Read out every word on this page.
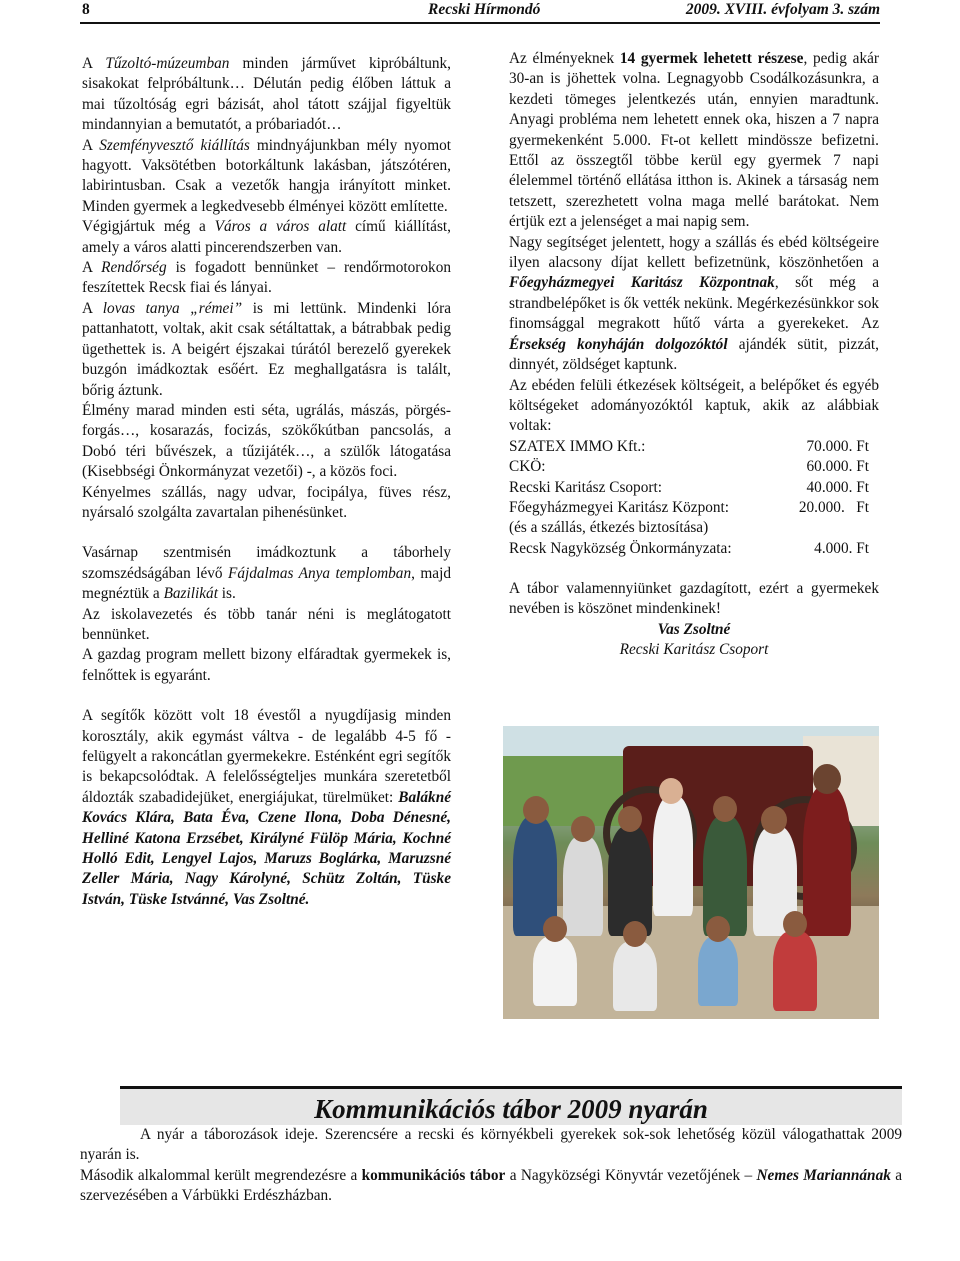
8	Recski Hírmondó	2009. XVIII. évfolyam 3. szám

A Tűzoltó-múzeumban minden járművet kipróbáltunk, sisakokat felpróbáltunk… Délután pedig élőben láttuk a mai tűzoltóság egri bázisát, ahol tátott szájjal figyeltük mindannyian a bemutatót, a próbariadót…

A Szemfényvesztő kiállítás mindnyájunkban mély nyomot hagyott. Vaksötétben botorkáltunk lakásban, játszótéren, labirintusban. Csak a vezetők hangja irányított minket. Minden gyermek a legkedvesebb élményei között említette.

Végigjártuk még a Város a város alatt című kiállítást, amely a város alatti pincerendszerben van.

A Rendőrség is fogadott bennünket – rendőrmotorokon feszítettek Recsk fiai és lányai.

A lovas tanya „rémei” is mi lettünk. Mindenki lóra pattanhatott, voltak, akit csak sétáltattak, a bátrabbak pedig ügethettek is. A beigért éjszakai túrától berezelő gyerekek buzgón imádkoztak esőért. Ez meghallgatásra is talált, bőrig áztunk.

Élmény marad minden esti séta, ugrálás, mászás, pörgés-forgás…, kosarazás, focizás, szökőkútban pancsolás, a Dobó téri bűvészek, a tűzijáték…, a szülők látogatása (Kisebbségi Önkormányzat vezetői) -, a közös foci.

Kényelmes szállás, nagy udvar, focipálya, füves rész, nyársaló szolgálta zavartalan pihenésünket.

Vasárnap szentmisén imádkoztunk a táborhely szomszédságában lévő Fájdalmas Anya templomban, majd megnéztük a Bazilikát is.

Az iskolavezetés és több tanár néni is meglátogatott bennünket.

A gazdag program mellett bizony elfáradtak gyermekek is, felnőttek is egyaránt.

A segítők között volt 18 évestől a nyugdíjasig minden korosztály, akik egymást váltva - de legalább 4-5 fő - felügyelt a rakoncátlan gyermekekre. Esténként egri segítők is bekapcsolódtak. A felelősségteljes munkára szeretetből áldozták szabadidejüket, energiájukat, türelmüket: Balákné Kovács Klára, Bata Éva, Czene Ilona, Doba Dénesné, Helliné Katona Erzsébet, Királyné Fülöp Mária, Kochné Holló Edit, Lengyel Lajos, Maruzs Boglárka, Maruzsné Zeller Mária, Nagy Károlyné, Schütz Zoltán, Tüske István, Tüske Istvánné, Vas Zsoltné.

Az élményeknek 14 gyermek lehetett részese, pedig akár 30-an is jöhettek volna. Legnagyobb Csodálkozásunkra, a kezdeti tömeges jelentkezés után, ennyien maradtunk. Anyagi probléma nem lehetett ennek oka, hiszen a 7 napra gyermekenként 5.000. Ft-ot kellett mindössze befizetni. Ettől az összegtől többe kerül egy gyermek 7 napi élelemmel történő ellátása itthon is. Akinek a társaság nem tetszett, szerezhetett volna maga mellé barátokat. Nem értjük ezt a jelenséget a mai napig sem.

Nagy segítséget jelentett, hogy a szállás és ebéd költségeire ilyen alacsony díjat kellett befizetnünk, köszönhetően a Főegyházmegyei Karitász Központnak, sőt még a strandbelépőket is ők vették nekünk. Megérkezésünkkor sok finomsággal megrakott hűtő várta a gyerekeket. Az Érsekség konyháján dolgozóktól ajándék sütit, pizzát, dinnyét, zöldséget kaptunk.

Az ebéden felüli étkezések költségeit, a belépőket és egyéb költségeket adományozóktól kaptuk, akik az alábbiak voltak:

SZATEX IMMO Kft.:	70.000. Ft
CKÖ:	60.000. Ft
Recski Karitász Csoport:	40.000. Ft
Főegyházmegyei Karitász Központ:	20.000.   Ft
(és a szállás, étkezés biztosítása)
Recsk Nagyközség Önkormányzata:	4.000. Ft

A tábor valamennyiünket gazdagított, ezért a gyermekek nevében is köszönet mindenkinek!

Vas Zsoltné

Recski Karitász Csoport

Kommunikációs tábor 2009 nyarán

A nyár a táborozások ideje. Szerencsére a recski és környékbeli gyerekek sok-sok lehetőség közül válogathattak 2009 nyarán is.

Második alkalommal került megrendezésre a kommunikációs tábor a Nagyközségi Könyvtár vezetőjének – Nemes Mariannának a szervezésében a Várbükki Erdészházban.
